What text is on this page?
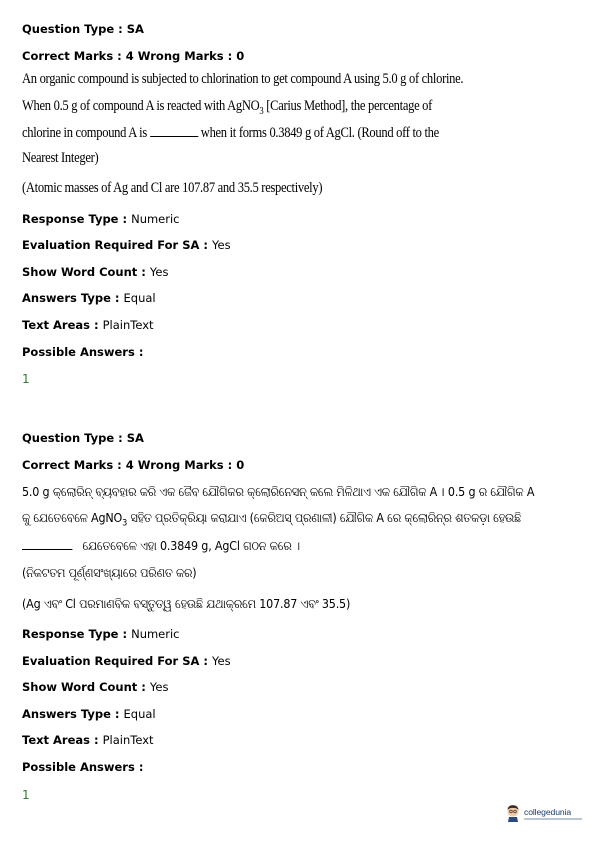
Question Type : SA
Correct Marks : 4 Wrong Marks : 0
An organic compound is subjected to chlorination to get compound A using 5.0 g of chlorine.
When 0.5 g of compound A is reacted with AgNO$_3$ [Carius Method], the percentage of
chlorine in compound A is	when it forms 0.3849 g of AgCl. (Round off to the
Nearest Integer)
(Atomic masses of Ag and Cl are 107.87 and 35.5 respectively)
Response Type : Numeric
Evaluation Required For SA : Yes
Show Word Count : Yes
Answers Type : Equal
Text Areas : PlainText
Possible Answers :
1
Question Type : SA
Correct Marks : 4 Wrong Marks : 0
5.0 g କ୍ଲୋରିନ୍ ବ୍ୟବହାର କରି ଏକ ଜୈବ ଯୌଗିକର କ୍ଲୋରିନେସନ୍ କଲେ ମିଳିଥାଏ ଏକ ଯୌଗିକ A । 0.5 g ର ଯୌଗିକ A
କୁ ଯେତେବେଳେ AgNO$_3$ ସହିତ ପ୍ରତିକ୍ରିୟା କରାଯାଏ (କେରିଅସ୍ ପ୍ରଣାଳୀ) ଯୌଗିକ A ରେ କ୍ଲୋରିନ୍‌ର ଶତକଡ଼ା ହେଉଛି
ଯେତେବେଳେ ଏହା 0.3849 g, AgCl ଗଠନ କରେ ।
(ନିକଟତମ ପୂର୍ଣ୍ଣସଂଖ୍ୟାରେ ପରିଣତ କର)
(Ag ଏବଂ Cl ପରମାଣବିକ ବସ୍ତୁତ୍ୱ ହେଉଛି ଯଥାକ୍ରମେ 107.87 ଏବଂ 35.5)
Response Type : Numeric
Evaluation Required For SA : Yes
Show Word Count : Yes
Answers Type : Equal
Text Areas : PlainText
Possible Answers :
1
collegedunia
